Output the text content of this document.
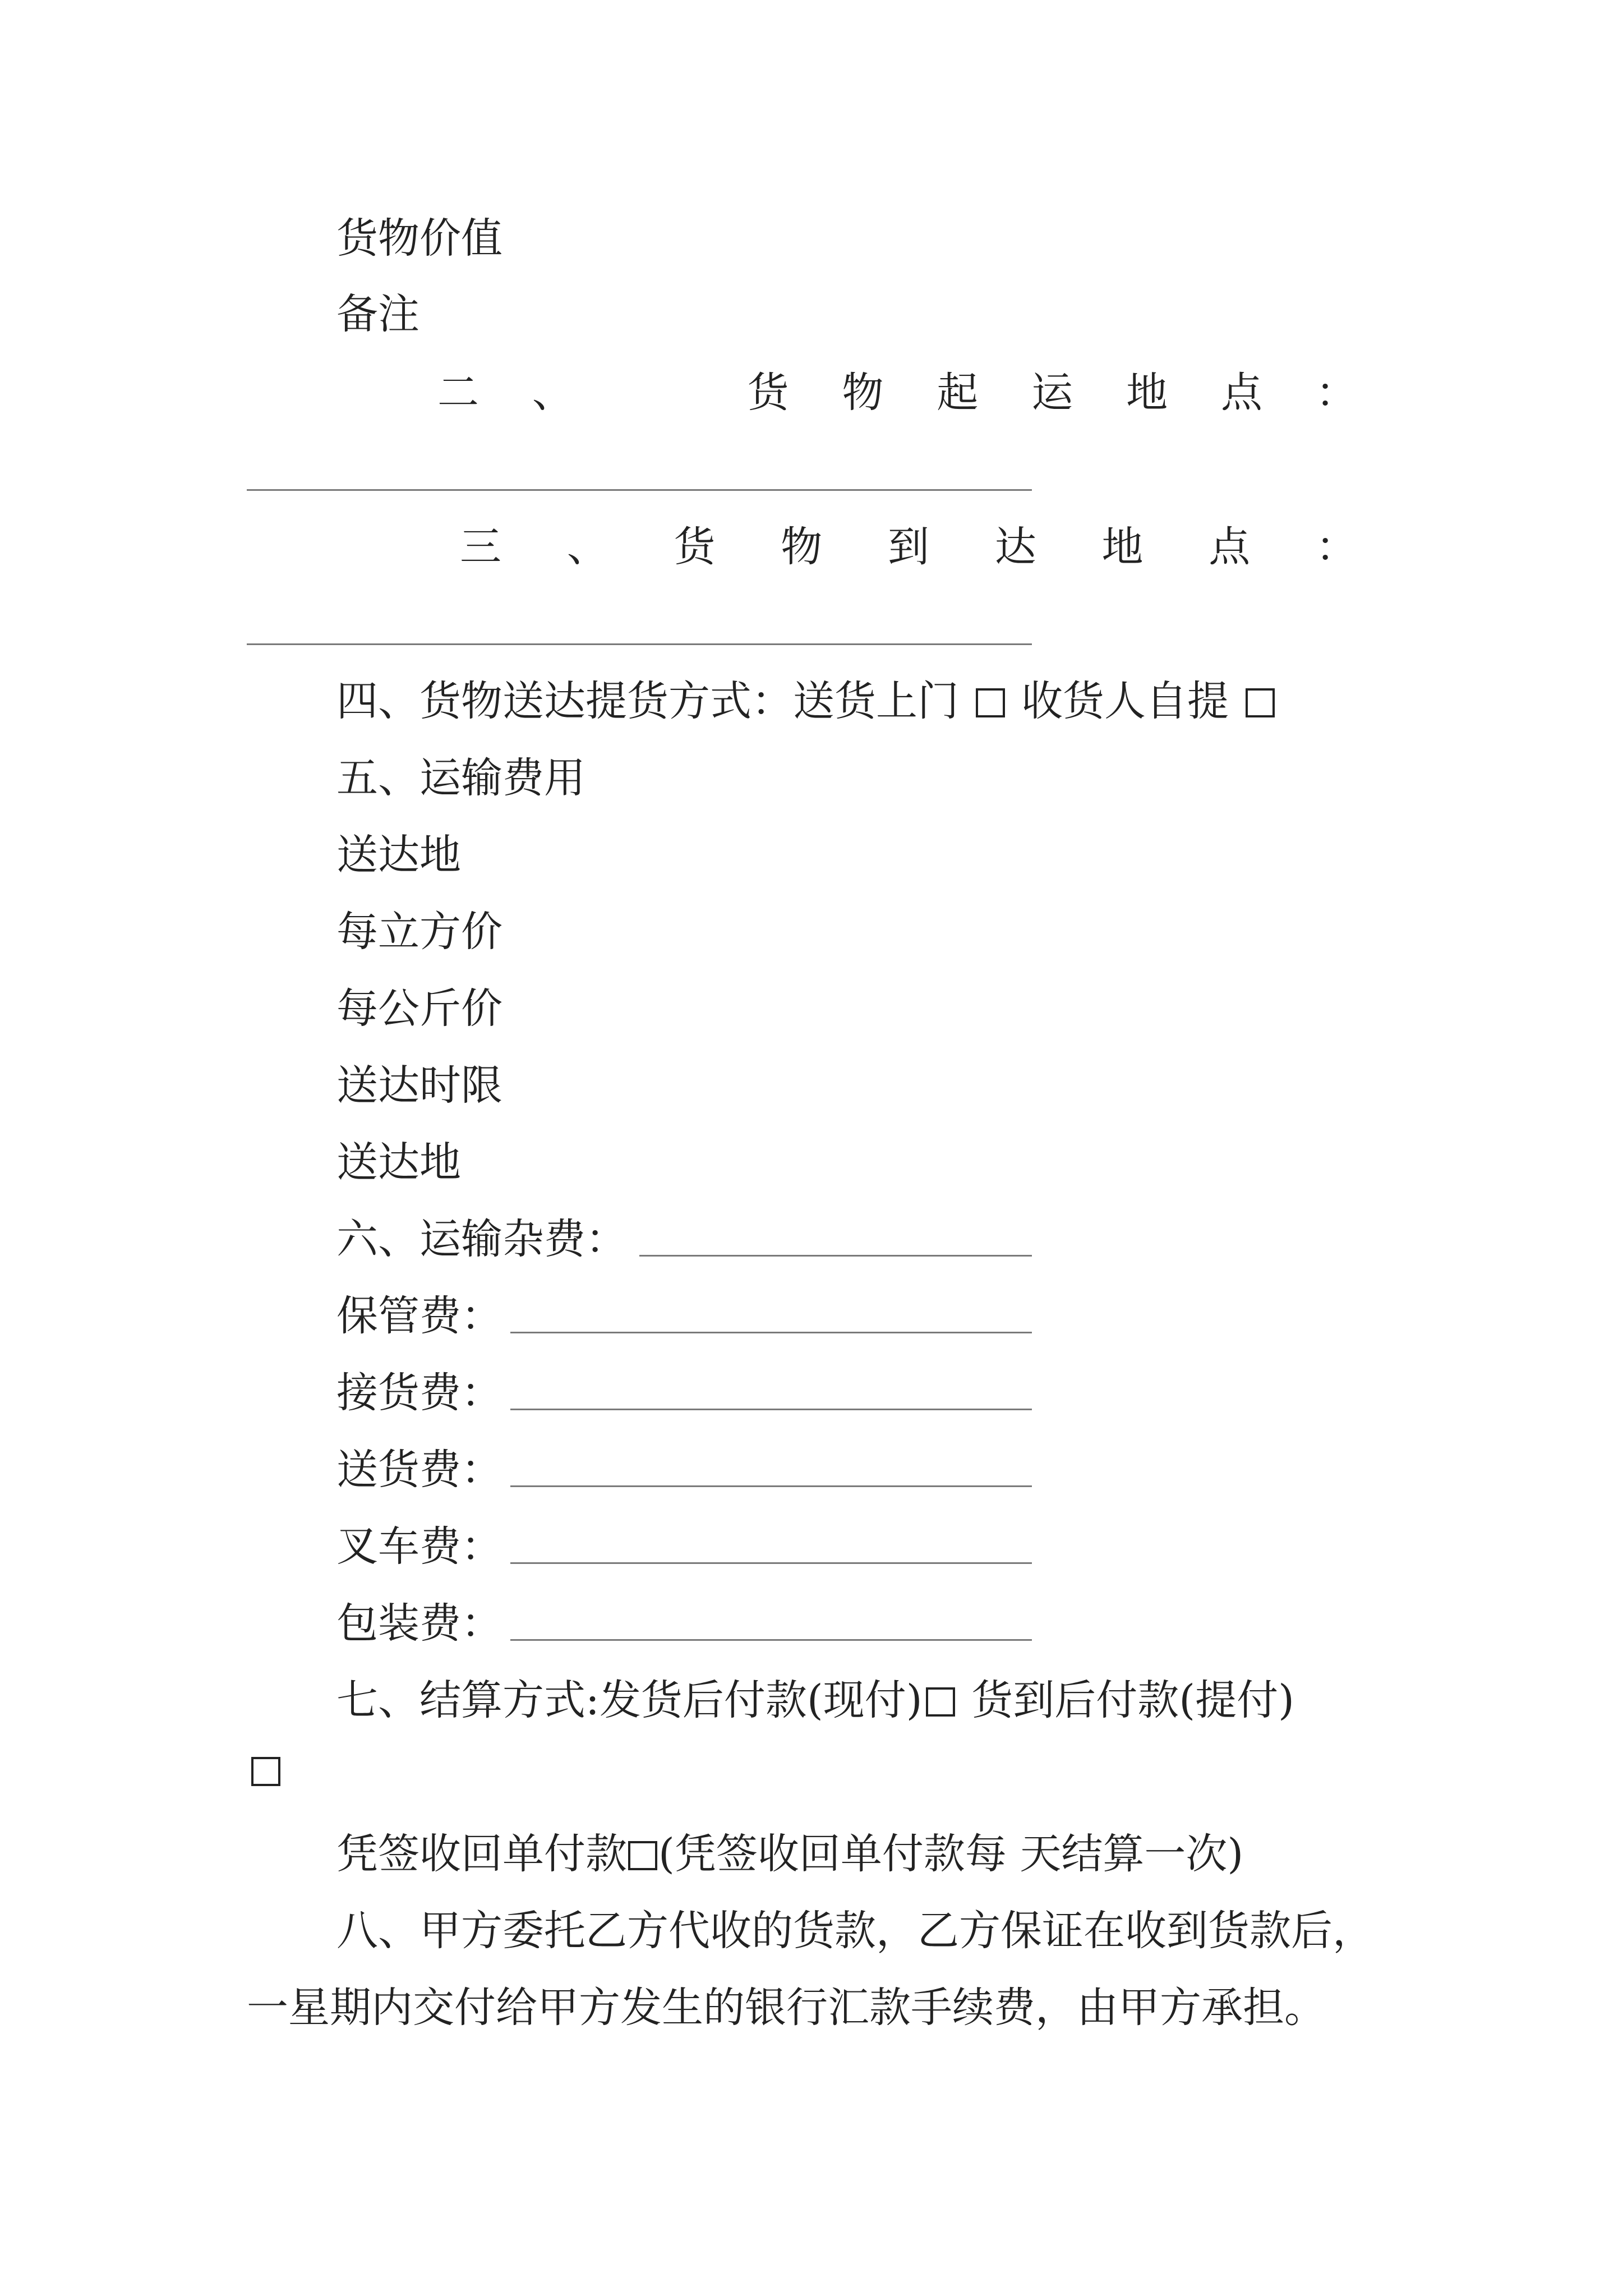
货物价值
备注
二 、	货 物 起 运 地 点 ：
三 、 货 物 到 达 地 点 ：
四、货物送达提货方式：送货上门 收货人自提
五、运输费用
送达地
每立方价
每公斤价
送达时限
送达地
六、运输杂费：
保管费：
接货费：
送货费：
叉车费：
包装费：
七、结算方式:发货后付款(现付) 货到后付款(提付)
凭签收回单付款 (凭签收回单付款每 天结算一次)
八、甲方委托乙方代收的货款，乙方保证在收到货款后，
一星期内交付给甲方发生的银行汇款手续费，由甲方承担。
